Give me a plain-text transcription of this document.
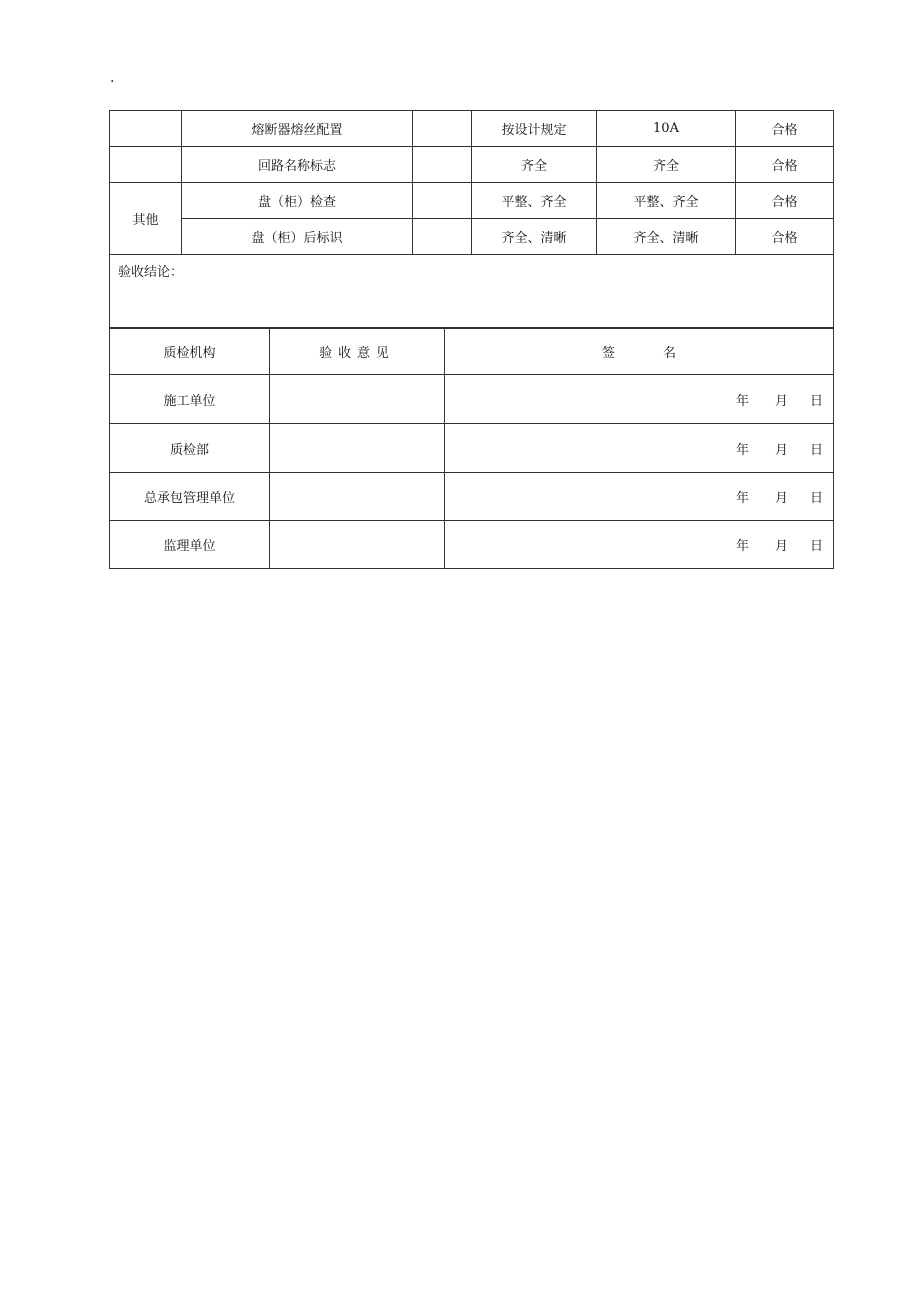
.
	熔断器熔丝配置		按设计规定	10A	合格
	回路名称标志		齐全	齐全	合格
其他	盘（柜）检查		平整、齐全	平整、齐全	合格
	盘（柜）后标识		齐全、清晰	齐全、清晰	合格
验收结论：					
质检机构	验收意见	签 名
施工单位		年 月 日
质检部		年 月 日
总承包管理单位		年 月 日
监理单位		年 月 日
